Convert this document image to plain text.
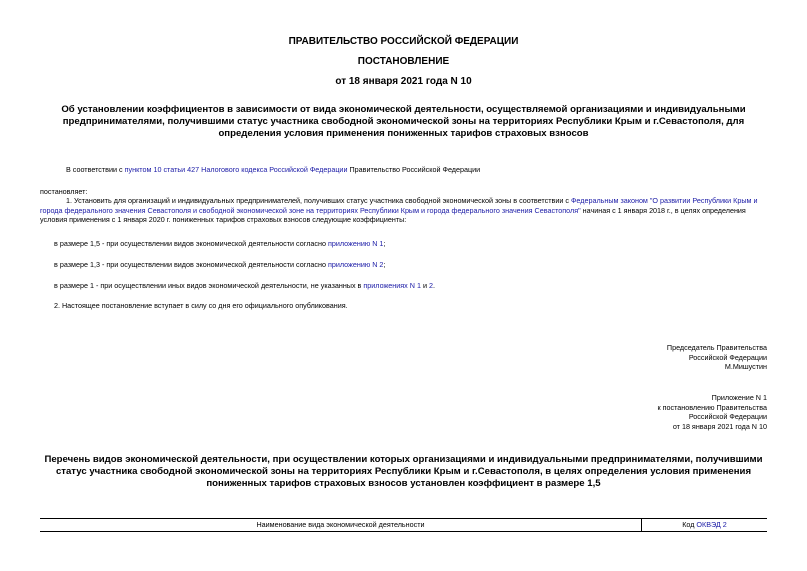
ПРАВИТЕЛЬСТВО РОССИЙСКОЙ ФЕДЕРАЦИИ
ПОСТАНОВЛЕНИЕ
от 18 января 2021 года N 10
Об установлении коэффициентов в зависимости от вида экономической деятельности, осуществляемой организациями и индивидуальными предпринимателями, получившими статус участника свободной экономической зоны на территориях Республики Крым и г.Севастополя, для определения условия применения пониженных тарифов страховых взносов
В соответствии с пунктом 10 статьи 427 Налогового кодекса Российской Федерации Правительство Российской Федерации
постановляет:
1. Установить для организаций и индивидуальных предпринимателей, получивших статус участника свободной экономической зоны в соответствии с Федеральным законом "О развитии Республики Крым и города федерального значения Севастополя и свободной экономической зоне на территориях Республики Крым и города федерального значения Севастополя" начиная с 1 января 2018 г., в целях определения условия применения с 1 января 2020 г. пониженных тарифов страховых взносов следующие коэффициенты:
в размере 1,5 - при осуществлении видов экономической деятельности согласно приложению N 1;
в размере 1,3 - при осуществлении видов экономической деятельности согласно приложению N 2;
в размере 1 - при осуществлении иных видов экономической деятельности, не указанных в приложениях N 1 и 2.
2. Настоящее постановление вступает в силу со дня его официального опубликования.
Председатель Правительства
Российской Федерации
М.Мишустин
Приложение N 1
к постановлению Правительства
Российской Федерации
от 18 января 2021 года N 10
Перечень видов экономической деятельности, при осуществлении которых организациями и индивидуальными предпринимателями, получившими статус участника свободной экономической зоны на территориях Республики Крым и г.Севастополя, в целях определения условия применения пониженных тарифов страховых взносов установлен коэффициент в размере 1,5
Наименование вида экономической деятельности	Код ОКВЭД 2
